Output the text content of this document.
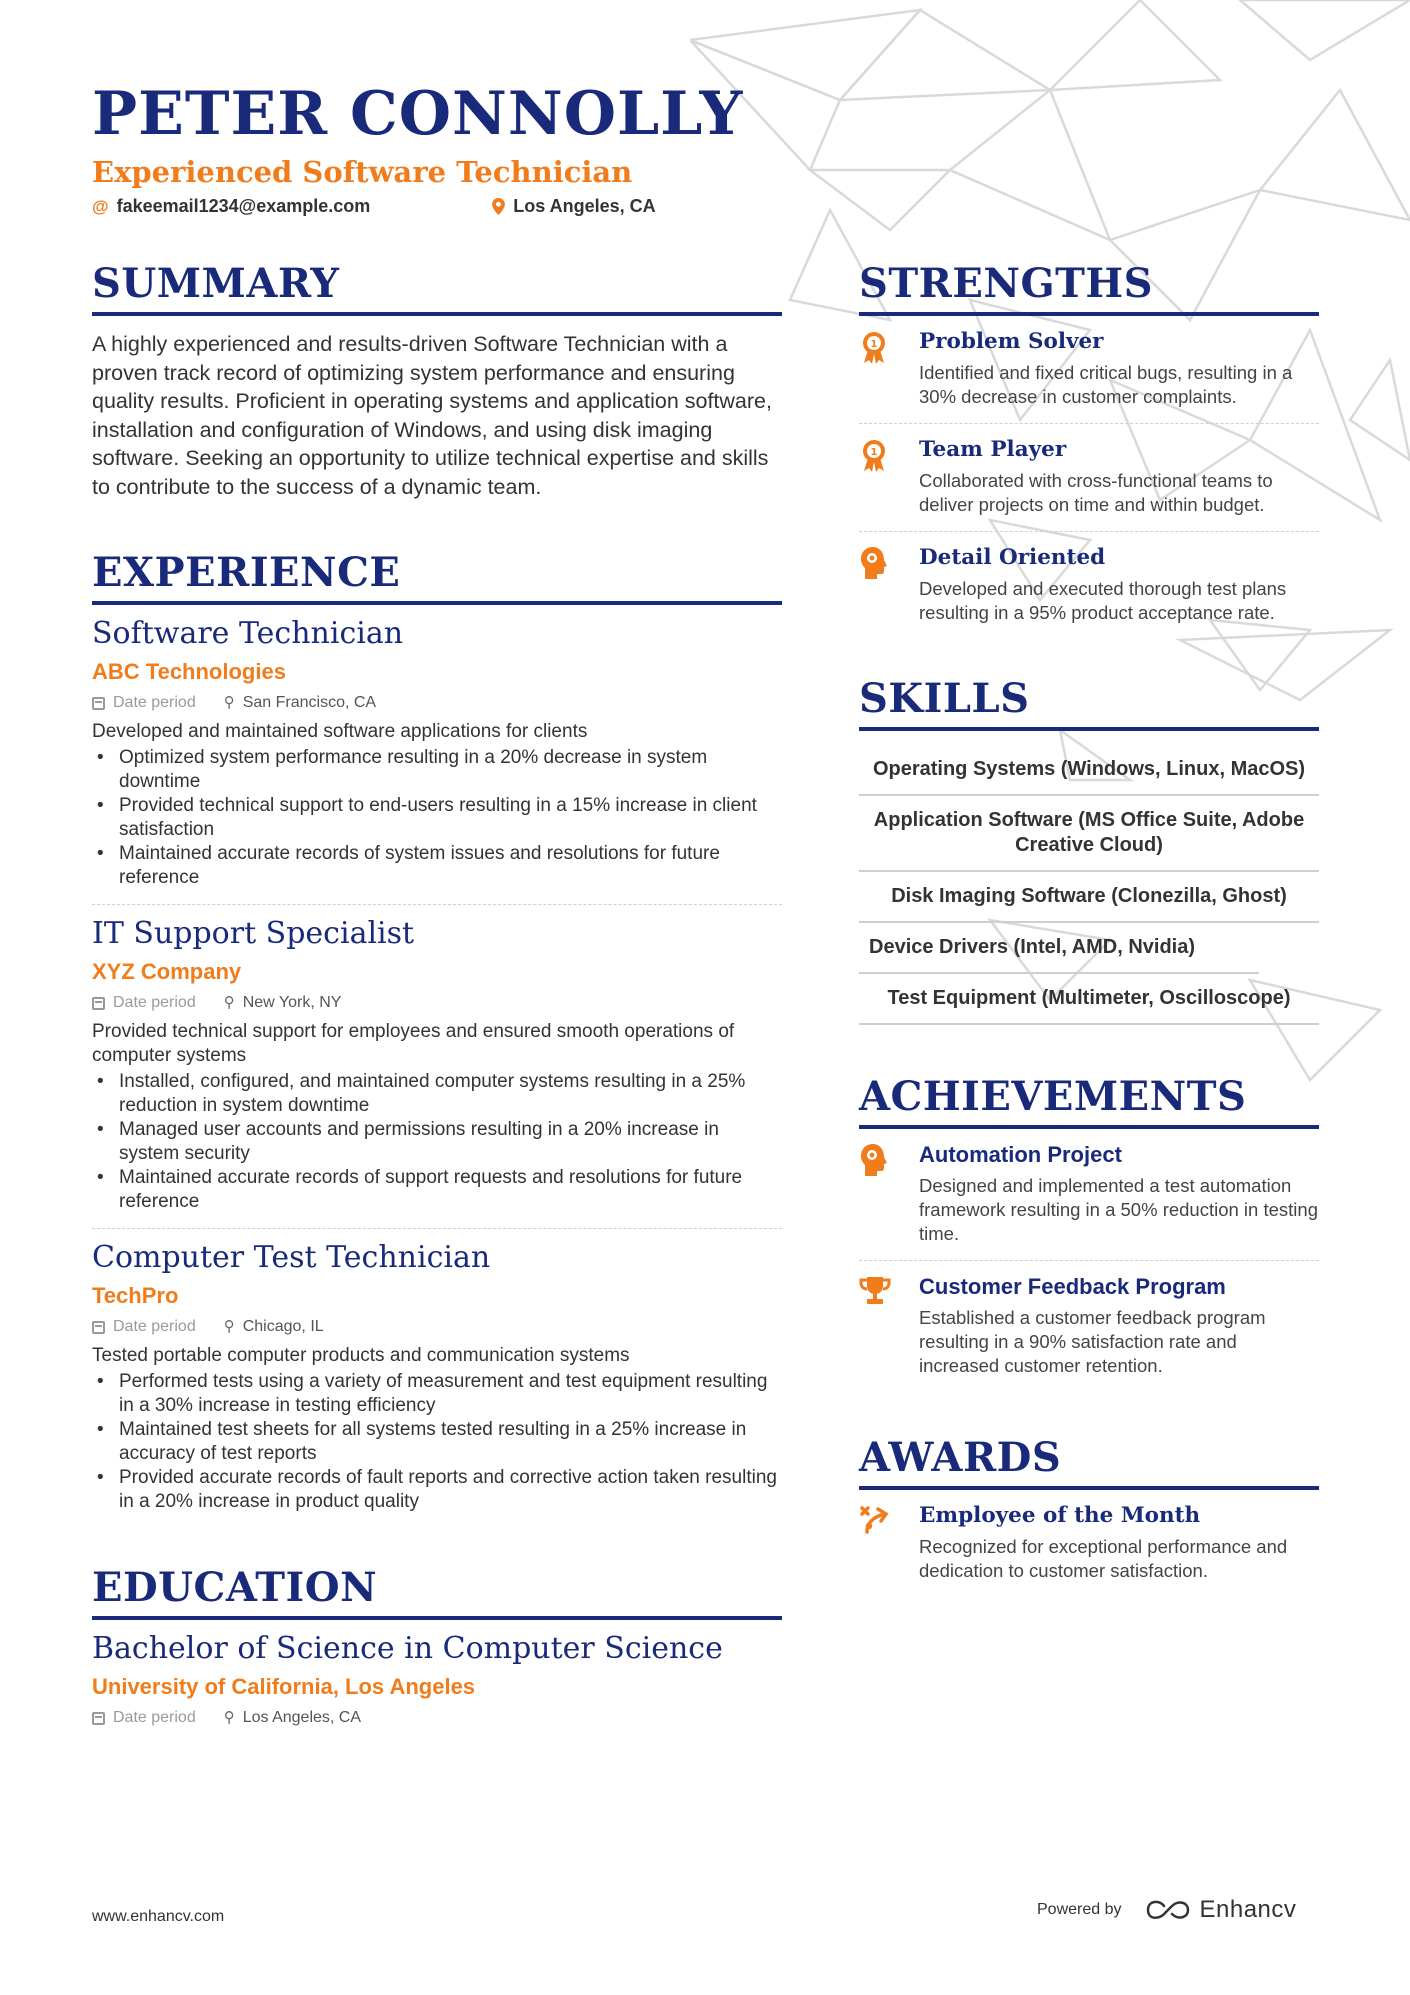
PETER CONNOLLY
Experienced Software Technician
@ fakeemail1234@example.com	Los Angeles, CA
SUMMARY
A highly experienced and results-driven Software Technician with a proven track record of optimizing system performance and ensuring quality results. Proficient in operating systems and application software, installation and configuration of Windows, and using disk imaging software. Seeking an opportunity to utilize technical expertise and skills to contribute to the success of a dynamic team.
EXPERIENCE
Software Technician
ABC Technologies
Date period ⚲ San Francisco, CA
Developed and maintained software applications for clients
• Optimized system performance resulting in a 20% decrease in system downtime
• Provided technical support to end-users resulting in a 15% increase in client satisfaction
• Maintained accurate records of system issues and resolutions for future reference
IT Support Specialist
XYZ Company
Date period ⚲ New York, NY
Provided technical support for employees and ensured smooth operations of computer systems
• Installed, configured, and maintained computer systems resulting in a 25% reduction in system downtime
• Managed user accounts and permissions resulting in a 20% increase in system security
• Maintained accurate records of support requests and resolutions for future reference
Computer Test Technician
TechPro
Date period ⚲ Chicago, IL
Tested portable computer products and communication systems
• Performed tests using a variety of measurement and test equipment resulting in a 30% increase in testing efficiency
• Maintained test sheets for all systems tested resulting in a 25% increase in accuracy of test reports
• Provided accurate records of fault reports and corrective action taken resulting in a 20% increase in product quality
EDUCATION
Bachelor of Science in Computer Science
University of California, Los Angeles
Date period ⚲ Los Angeles, CA
STRENGTHS
1 Problem Solver
Identified and fixed critical bugs, resulting in a 30% decrease in customer complaints.
1 Team Player
Collaborated with cross-functional teams to deliver projects on time and within budget.
Detail Oriented
Developed and executed thorough test plans resulting in a 95% product acceptance rate.
SKILLS
Operating Systems (Windows, Linux, MacOS)
Application Software (MS Office Suite, Adobe Creative Cloud)
Disk Imaging Software (Clonezilla, Ghost)
Device Drivers (Intel, AMD, Nvidia)
Test Equipment (Multimeter, Oscilloscope)
ACHIEVEMENTS
Automation Project
Designed and implemented a test automation framework resulting in a 50% reduction in testing time.
Customer Feedback Program
Established a customer feedback program resulting in a 90% satisfaction rate and increased customer retention.
AWARDS
Employee of the Month
Recognized for exceptional performance and dedication to customer satisfaction.
www.enhancv.com	Powered by	Enhancv
